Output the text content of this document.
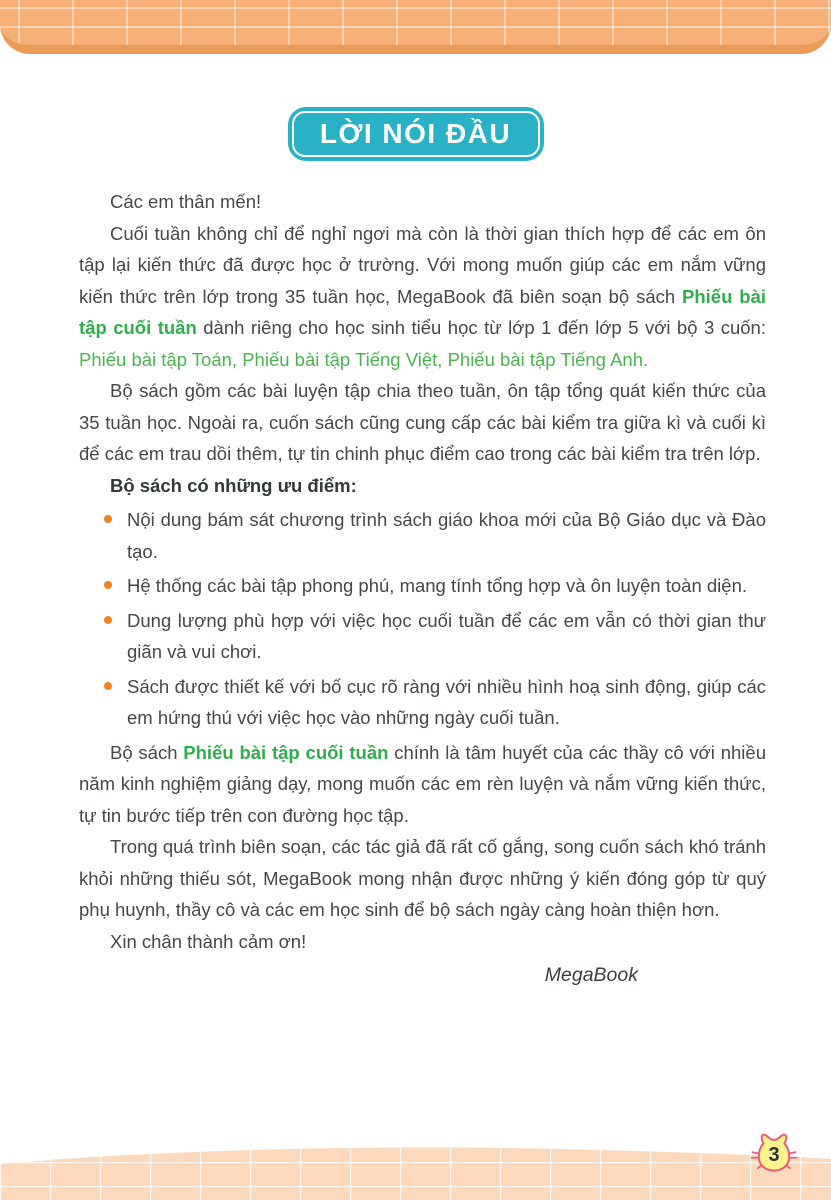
LỜI NÓI ĐẦU

Các em thân mến!

Cuối tuần không chỉ để nghỉ ngơi mà còn là thời gian thích hợp để các em ôn tập lại kiến thức đã được học ở trường. Với mong muốn giúp các em nắm vững kiến thức trên lớp trong 35 tuần học, MegaBook đã biên soạn bộ sách Phiếu bài tập cuối tuần dành riêng cho học sinh tiểu học từ lớp 1 đến lớp 5 với bộ 3 cuốn: Phiếu bài tập Toán, Phiếu bài tập Tiếng Việt, Phiếu bài tập Tiếng Anh.

Bộ sách gồm các bài luyện tập chia theo tuần, ôn tập tổng quát kiến thức của 35 tuần học. Ngoài ra, cuốn sách cũng cung cấp các bài kiểm tra giữa kì và cuối kì để các em trau dồi thêm, tự tin chinh phục điểm cao trong các bài kiểm tra trên lớp.

Bộ sách có những ưu điểm:

Nội dung bám sát chương trình sách giáo khoa mới của Bộ Giáo dục và Đào tạo.
Hệ thống các bài tập phong phú, mang tính tổng hợp và ôn luyện toàn diện.
Dung lượng phù hợp với việc học cuối tuần để các em vẫn có thời gian thư giãn và vui chơi.
Sách được thiết kế với bố cục rõ ràng với nhiều hình hoạ sinh động, giúp các em hứng thú với việc học vào những ngày cuối tuần.

Bộ sách Phiếu bài tập cuối tuần chính là tâm huyết của các thầy cô với nhiều năm kinh nghiệm giảng dạy, mong muốn các em rèn luyện và nắm vững kiến thức, tự tin bước tiếp trên con đường học tập.

Trong quá trình biên soạn, các tác giả đã rất cố gắng, song cuốn sách khó tránh khỏi những thiếu sót, MegaBook mong nhận được những ý kiến đóng góp từ quý phụ huynh, thầy cô và các em học sinh để bộ sách ngày càng hoàn thiện hơn.

Xin chân thành cảm ơn!

MegaBook

3
